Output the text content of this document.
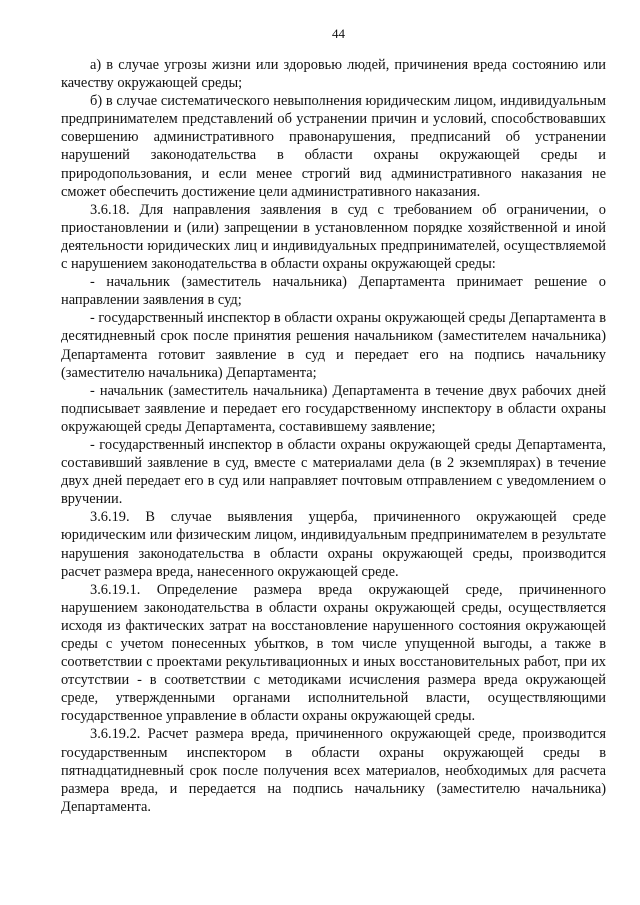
44

а) в случае угрозы жизни или здоровью людей, причинения вреда состоянию или качеству окружающей среды;

б) в случае систематического невыполнения юридическим лицом, индивидуальным предпринимателем представлений об устранении причин и условий, способствовавших совершению административного правонарушения, предписаний об устранении нарушений законодательства в области охраны окружающей среды и природопользования, и если менее строгий вид административного наказания не сможет обеспечить достижение цели административного наказания.

3.6.18. Для направления заявления в суд с требованием об ограничении, о приостановлении и (или) запрещении в установленном порядке хозяйственной и иной деятельности юридических лиц и индивидуальных предпринимателей, осуществляемой с нарушением законодательства в области охраны окружающей среды:

- начальник (заместитель начальника) Департамента принимает решение о направлении заявления в суд;

- государственный инспектор в области охраны окружающей среды Департамента в десятидневный срок после принятия решения начальником (заместителем начальника) Департамента готовит заявление в суд и передает его на подпись начальнику (заместителю начальника) Департамента;

- начальник (заместитель начальника) Департамента в течение двух рабочих дней подписывает заявление и передает его государственному инспектору в области охраны окружающей среды Департамента, составившему заявление;

- государственный инспектор в области охраны окружающей среды Департамента, составивший заявление в суд, вместе с материалами дела (в 2 экземплярах) в течение двух дней передает его в суд или направляет почтовым отправлением с уведомлением о вручении.

3.6.19. В случае выявления ущерба, причиненного окружающей среде юридическим или физическим лицом, индивидуальным предпринимателем в результате нарушения законодательства в области охраны окружающей среды, производится расчет размера вреда, нанесенного окружающей среде.

3.6.19.1. Определение размера вреда окружающей среде, причиненного нарушением законодательства в области охраны окружающей среды, осуществляется исходя из фактических затрат на восстановление нарушенного состояния окружающей среды с учетом понесенных убытков, в том числе упущенной выгоды, а также в соответствии с проектами рекультивационных и иных восстановительных работ, при их отсутствии - в соответствии с методиками исчисления размера вреда окружающей среде, утвержденными органами исполнительной власти, осуществляющими государственное управление в области охраны окружающей среды.

3.6.19.2. Расчет размера вреда, причиненного окружающей среде, производится государственным инспектором в области охраны окружающей среды в пятнадцатидневный срок после получения всех материалов, необходимых для расчета размера вреда, и передается на подпись начальнику (заместителю начальника) Департамента.
